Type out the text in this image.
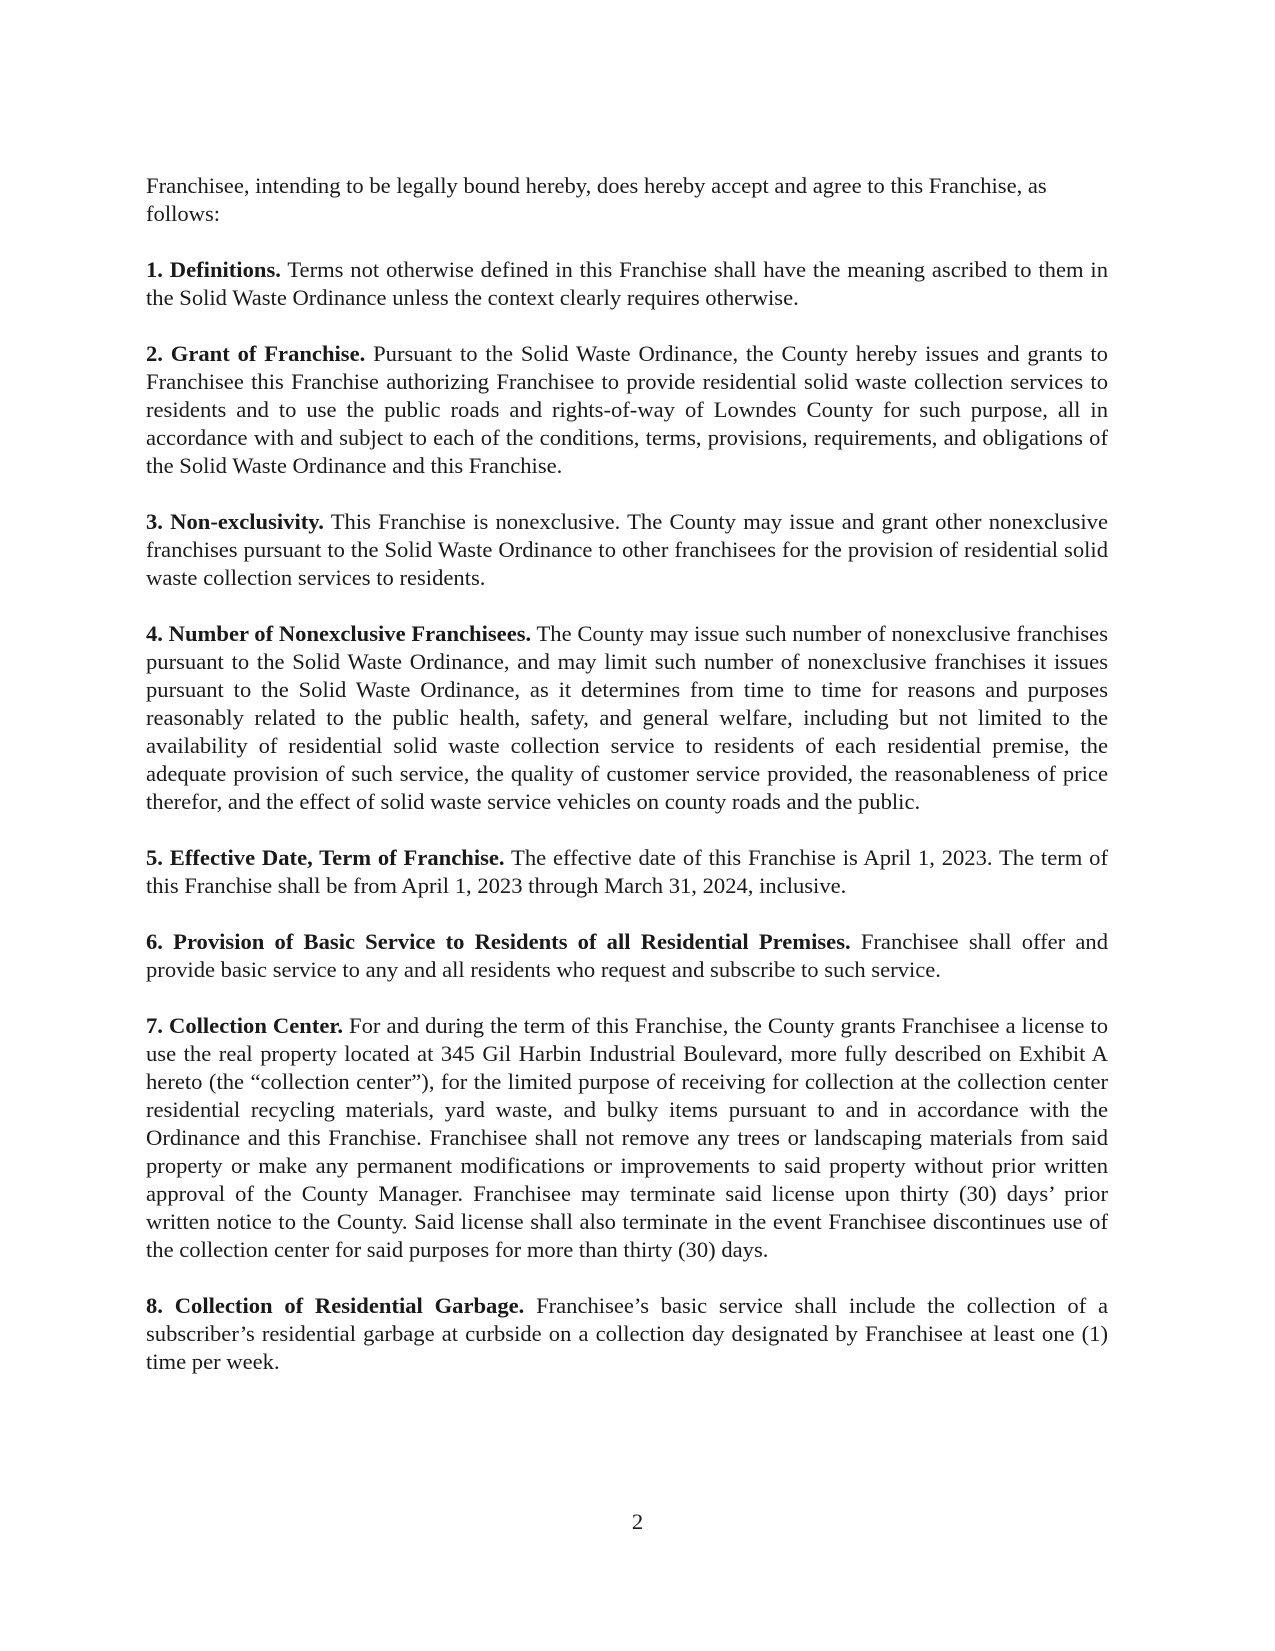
Franchisee, intending to be legally bound hereby, does hereby accept and agree to this Franchise, as follows:

1. Definitions. Terms not otherwise defined in this Franchise shall have the meaning ascribed to them in the Solid Waste Ordinance unless the context clearly requires otherwise.

2. Grant of Franchise. Pursuant to the Solid Waste Ordinance, the County hereby issues and grants to Franchisee this Franchise authorizing Franchisee to provide residential solid waste collection services to residents and to use the public roads and rights-of-way of Lowndes County for such purpose, all in accordance with and subject to each of the conditions, terms, provisions, requirements, and obligations of the Solid Waste Ordinance and this Franchise.

3. Non-exclusivity. This Franchise is nonexclusive. The County may issue and grant other nonexclusive franchises pursuant to the Solid Waste Ordinance to other franchisees for the provision of residential solid waste collection services to residents.

4. Number of Nonexclusive Franchisees. The County may issue such number of nonexclusive franchises pursuant to the Solid Waste Ordinance, and may limit such number of nonexclusive franchises it issues pursuant to the Solid Waste Ordinance, as it determines from time to time for reasons and purposes reasonably related to the public health, safety, and general welfare, including but not limited to the availability of residential solid waste collection service to residents of each residential premise, the adequate provision of such service, the quality of customer service provided, the reasonableness of price therefor, and the effect of solid waste service vehicles on county roads and the public.

5. Effective Date, Term of Franchise. The effective date of this Franchise is April 1, 2023. The term of this Franchise shall be from April 1, 2023 through March 31, 2024, inclusive.

6. Provision of Basic Service to Residents of all Residential Premises. Franchisee shall offer and provide basic service to any and all residents who request and subscribe to such service.

7. Collection Center. For and during the term of this Franchise, the County grants Franchisee a license to use the real property located at 345 Gil Harbin Industrial Boulevard, more fully described on Exhibit A hereto (the “collection center”), for the limited purpose of receiving for collection at the collection center residential recycling materials, yard waste, and bulky items pursuant to and in accordance with the Ordinance and this Franchise. Franchisee shall not remove any trees or landscaping materials from said property or make any permanent modifications or improvements to said property without prior written approval of the County Manager. Franchisee may terminate said license upon thirty (30) days’ prior written notice to the County. Said license shall also terminate in the event Franchisee discontinues use of the collection center for said purposes for more than thirty (30) days.

8. Collection of Residential Garbage. Franchisee’s basic service shall include the collection of a subscriber’s residential garbage at curbside on a collection day designated by Franchisee at least one (1) time per week.

2
